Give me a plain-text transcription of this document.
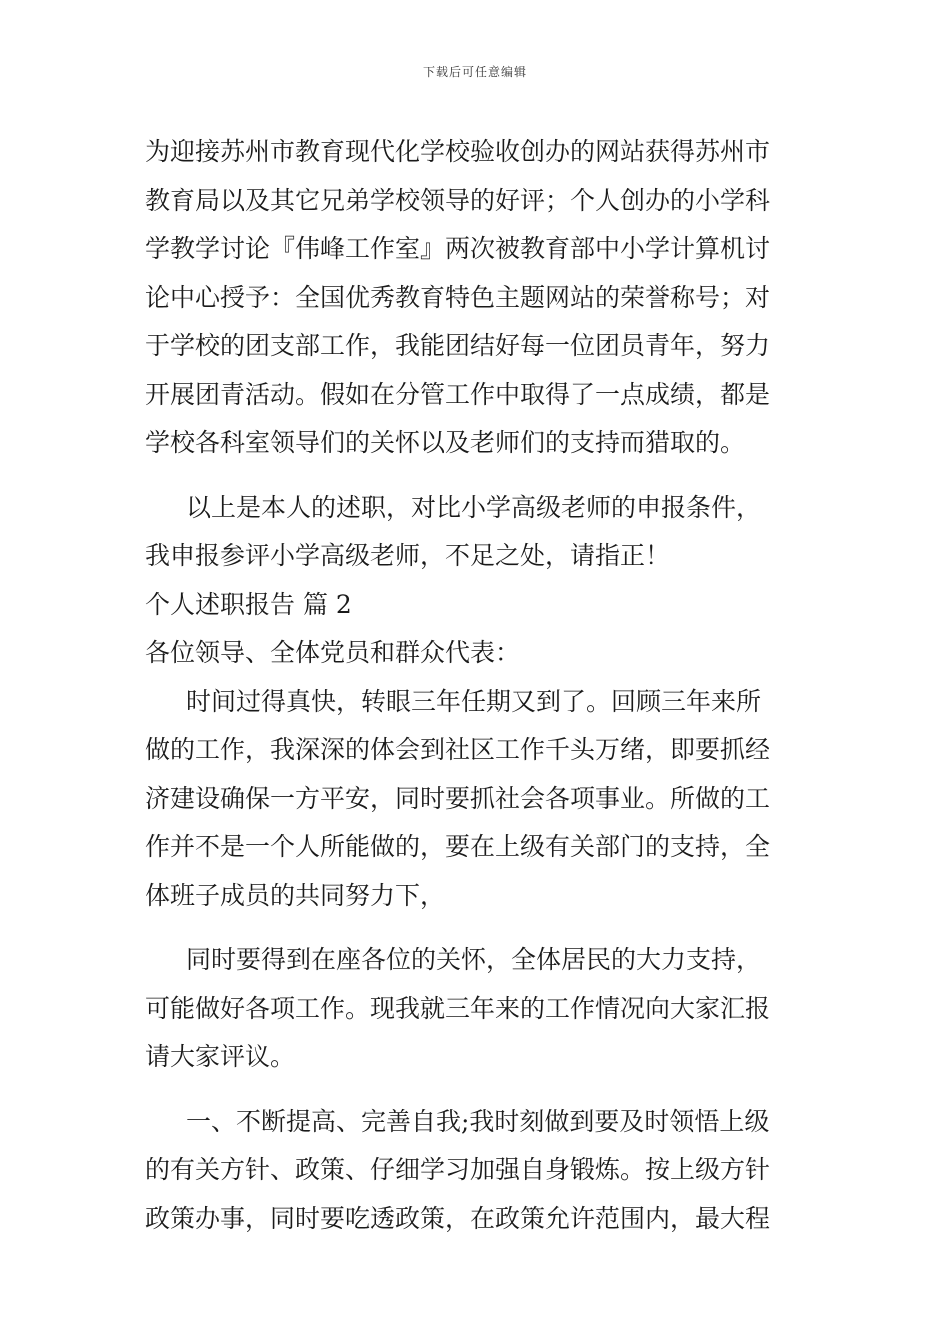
下载后可任意编辑
为迎接苏州市教育现代化学校验收创办的网站获得苏州市
教育局以及其它兄弟学校领导的好评；个人创办的小学科
学教学讨论『伟峰工作室』两次被教育部中小学计算机讨
论中心授予：全国优秀教育特色主题网站的荣誉称号；对
于学校的团支部工作，我能团结好每一位团员青年，努力
开展团青活动。假如在分管工作中取得了一点成绩，都是
学校各科室领导们的关怀以及老师们的支持而猎取的。
以上是本人的述职，对比小学高级老师的申报条件，
我申报参评小学高级老师，不足之处，请指正！
个人述职报告 篇 2
各位领导、全体党员和群众代表：
时间过得真快，转眼三年任期又到了。回顾三年来所
做的工作，我深深的体会到社区工作千头万绪，即要抓经
济建设确保一方平安，同时要抓社会各项事业。所做的工
作并不是一个人所能做的，要在上级有关部门的支持，全
体班子成员的共同努力下，
同时要得到在座各位的关怀，全体居民的大力支持，
可能做好各项工作。现我就三年来的工作情况向大家汇报
请大家评议。
一、不断提高、完善自我;我时刻做到要及时领悟上级
的有关方针、政策、仔细学习加强自身锻炼。按上级方针
政策办事，同时要吃透政策，在政策允许范围内，最大程
